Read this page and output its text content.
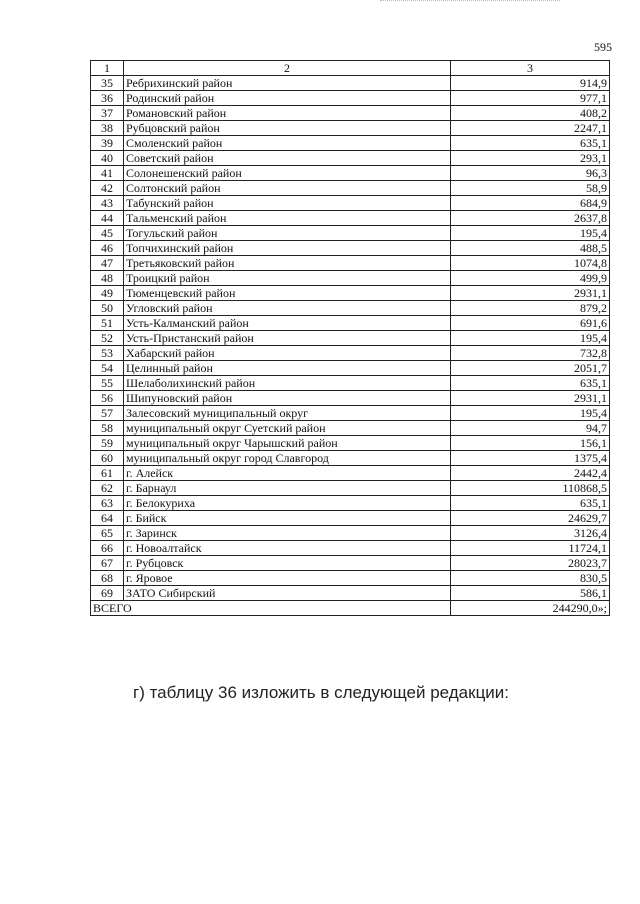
595
1	2	3
35	Ребрихинский район	914,9
36	Родинский район	977,1
37	Романовский район	408,2
38	Рубцовский район	2247,1
39	Смоленский район	635,1
40	Советский район	293,1
41	Солонешенский район	96,3
42	Солтонский район	58,9
43	Табунский район	684,9
44	Тальменский район	2637,8
45	Тогульский район	195,4
46	Топчихинский район	488,5
47	Третьяковский район	1074,8
48	Троицкий район	499,9
49	Тюменцевский район	2931,1
50	Угловский район	879,2
51	Усть-Калманский район	691,6
52	Усть-Пристанский район	195,4
53	Хабарский район	732,8
54	Целинный район	2051,7
55	Шелаболихинский район	635,1
56	Шипуновский район	2931,1
57	Залесовский муниципальный округ	195,4
58	муниципальный округ Суетский район	94,7
59	муниципальный округ Чарышский район	156,1
60	муниципальный округ город Славгород	1375,4
61	г. Алейск	2442,4
62	г. Барнаул	110868,5
63	г. Белокуриха	635,1
64	г. Бийск	24629,7
65	г. Заринск	3126,4
66	г. Новоалтайск	11724,1
67	г. Рубцовск	28023,7
68	г. Яровое	830,5
69	ЗАТО Сибирский	586,1
ВСЕГО		244290,0»;
г) таблицу 36 изложить в следующей редакции:
